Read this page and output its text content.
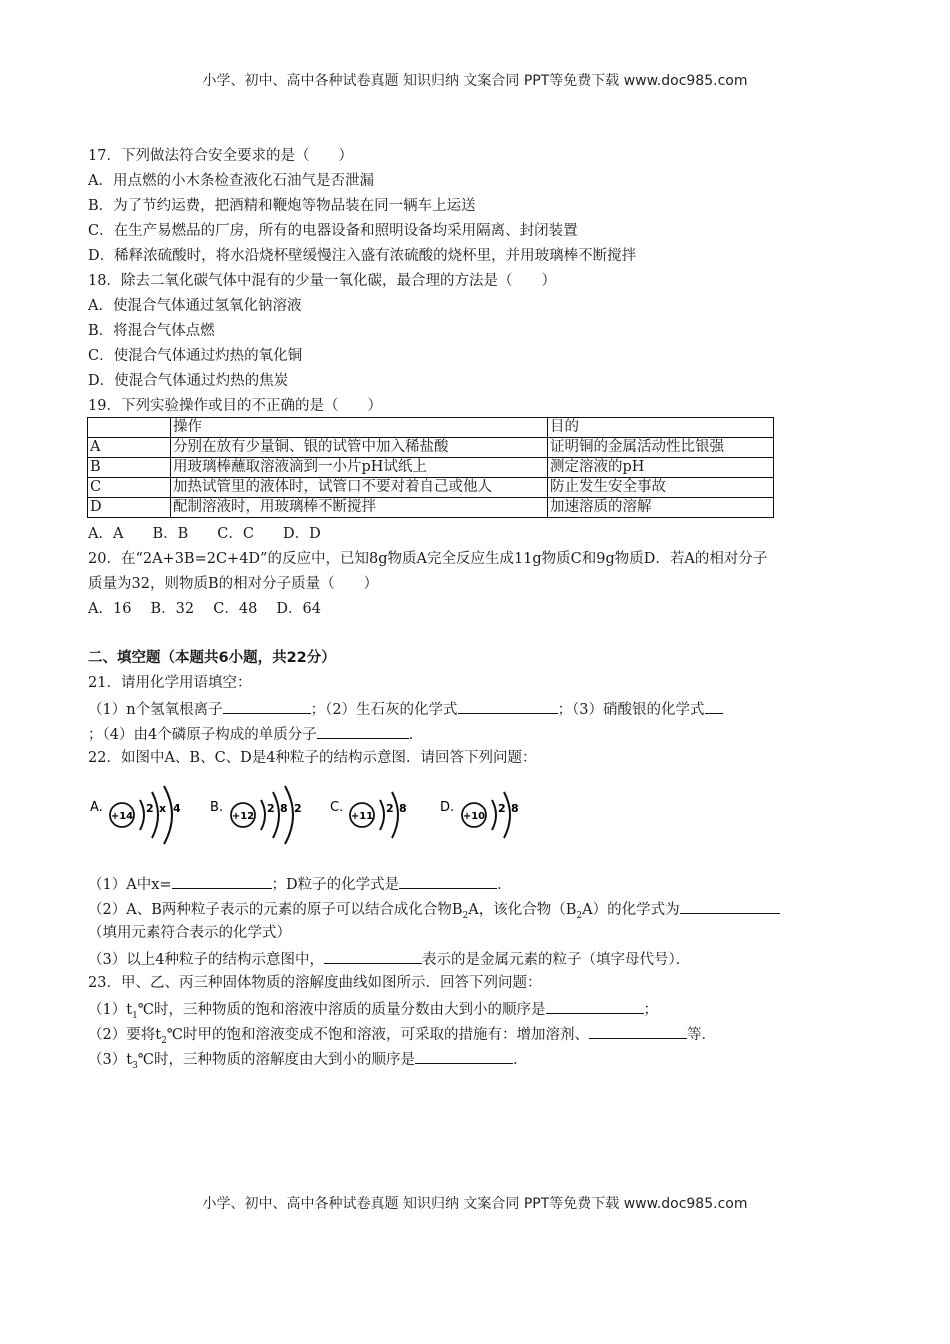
小学、初中、高中各种试卷真题 知识归纳 文案合同 PPT等免费下载 www.doc985.com
17．下列做法符合安全要求的是（　　）
A．用点燃的小木条检查液化石油气是否泄漏
B．为了节约运费，把酒精和鞭炮等物品装在同一辆车上运送
C．在生产易燃品的厂房，所有的电器设备和照明设备均采用隔离、封闭装置
D．稀释浓硫酸时，将水沿烧杯壁缓慢注入盛有浓硫酸的烧杯里，并用玻璃棒不断搅拌
18．除去二氧化碳气体中混有的少量一氧化碳，最合理的方法是（　　）
A．使混合气体通过氢氧化钠溶液
B．将混合气体点燃
C．使混合气体通过灼热的氧化铜
D．使混合气体通过灼热的焦炭
19．下列实验操作或目的不正确的是（　　）
	操作	目的
A	分别在放有少量铜、银的试管中加入稀盐酸	证明铜的金属活动性比银强
B	用玻璃棒蘸取溶液滴到一小片pH试纸上	测定溶液的pH
C	加热试管里的液体时，试管口不要对着自己或他人	防止发生安全事故
D	配制溶液时，用玻璃棒不断搅拌	加速溶质的溶解
A．A　　B．B　　C．C　　D．D
20．在“2A+3B=2C+4D”的反应中，已知8g物质A完全反应生成11g物质C和9g物质D．若A的相对分子
质量为32，则物质B的相对分子质量（　　）
A．16　 B．32　 C．48　 D．64
二、填空题（本题共6小题，共22分）
21．请用化学用语填空：
（1）n个氢氧根离子	；（2）生石灰的化学式	；（3）硝酸银的化学式
；（4）由4个磷原子构成的单质分子	．
22．如图中A、B、C、D是4种粒子的结构示意图．请回答下列问题：
A.
+14
2 x 4 B.
+12
2 8 2 C.
+11
2 8	D.
+10
2 8
（1）A中x=	；D粒子的化学式是	．
（2）A、B两种粒子表示的元素的原子可以结合成化合物$B_2A$，该化合物$(B_2A)$的化学式为
（填用元素符合表示的化学式）
（3）以上4种粒子的结构示意图中，	表示的是金属元素的粒子（填字母代号）．
23．甲、乙、丙三种固体物质的溶解度曲线如图所示．回答下列问题：
$(1)t_1℃$时，三种物质的饱和溶液中溶质的质量分数由大到小的顺序是	；
（2）要将$t_2℃$时甲的饱和溶液变成不饱和溶液，可采取的措施有：增加溶剂、	等．
$(3)t_3℃$时，三种物质的溶解度由大到小的顺序是	．
小学、初中、高中各种试卷真题 知识归纳 文案合同 PPT等免费下载 www.doc985.com
